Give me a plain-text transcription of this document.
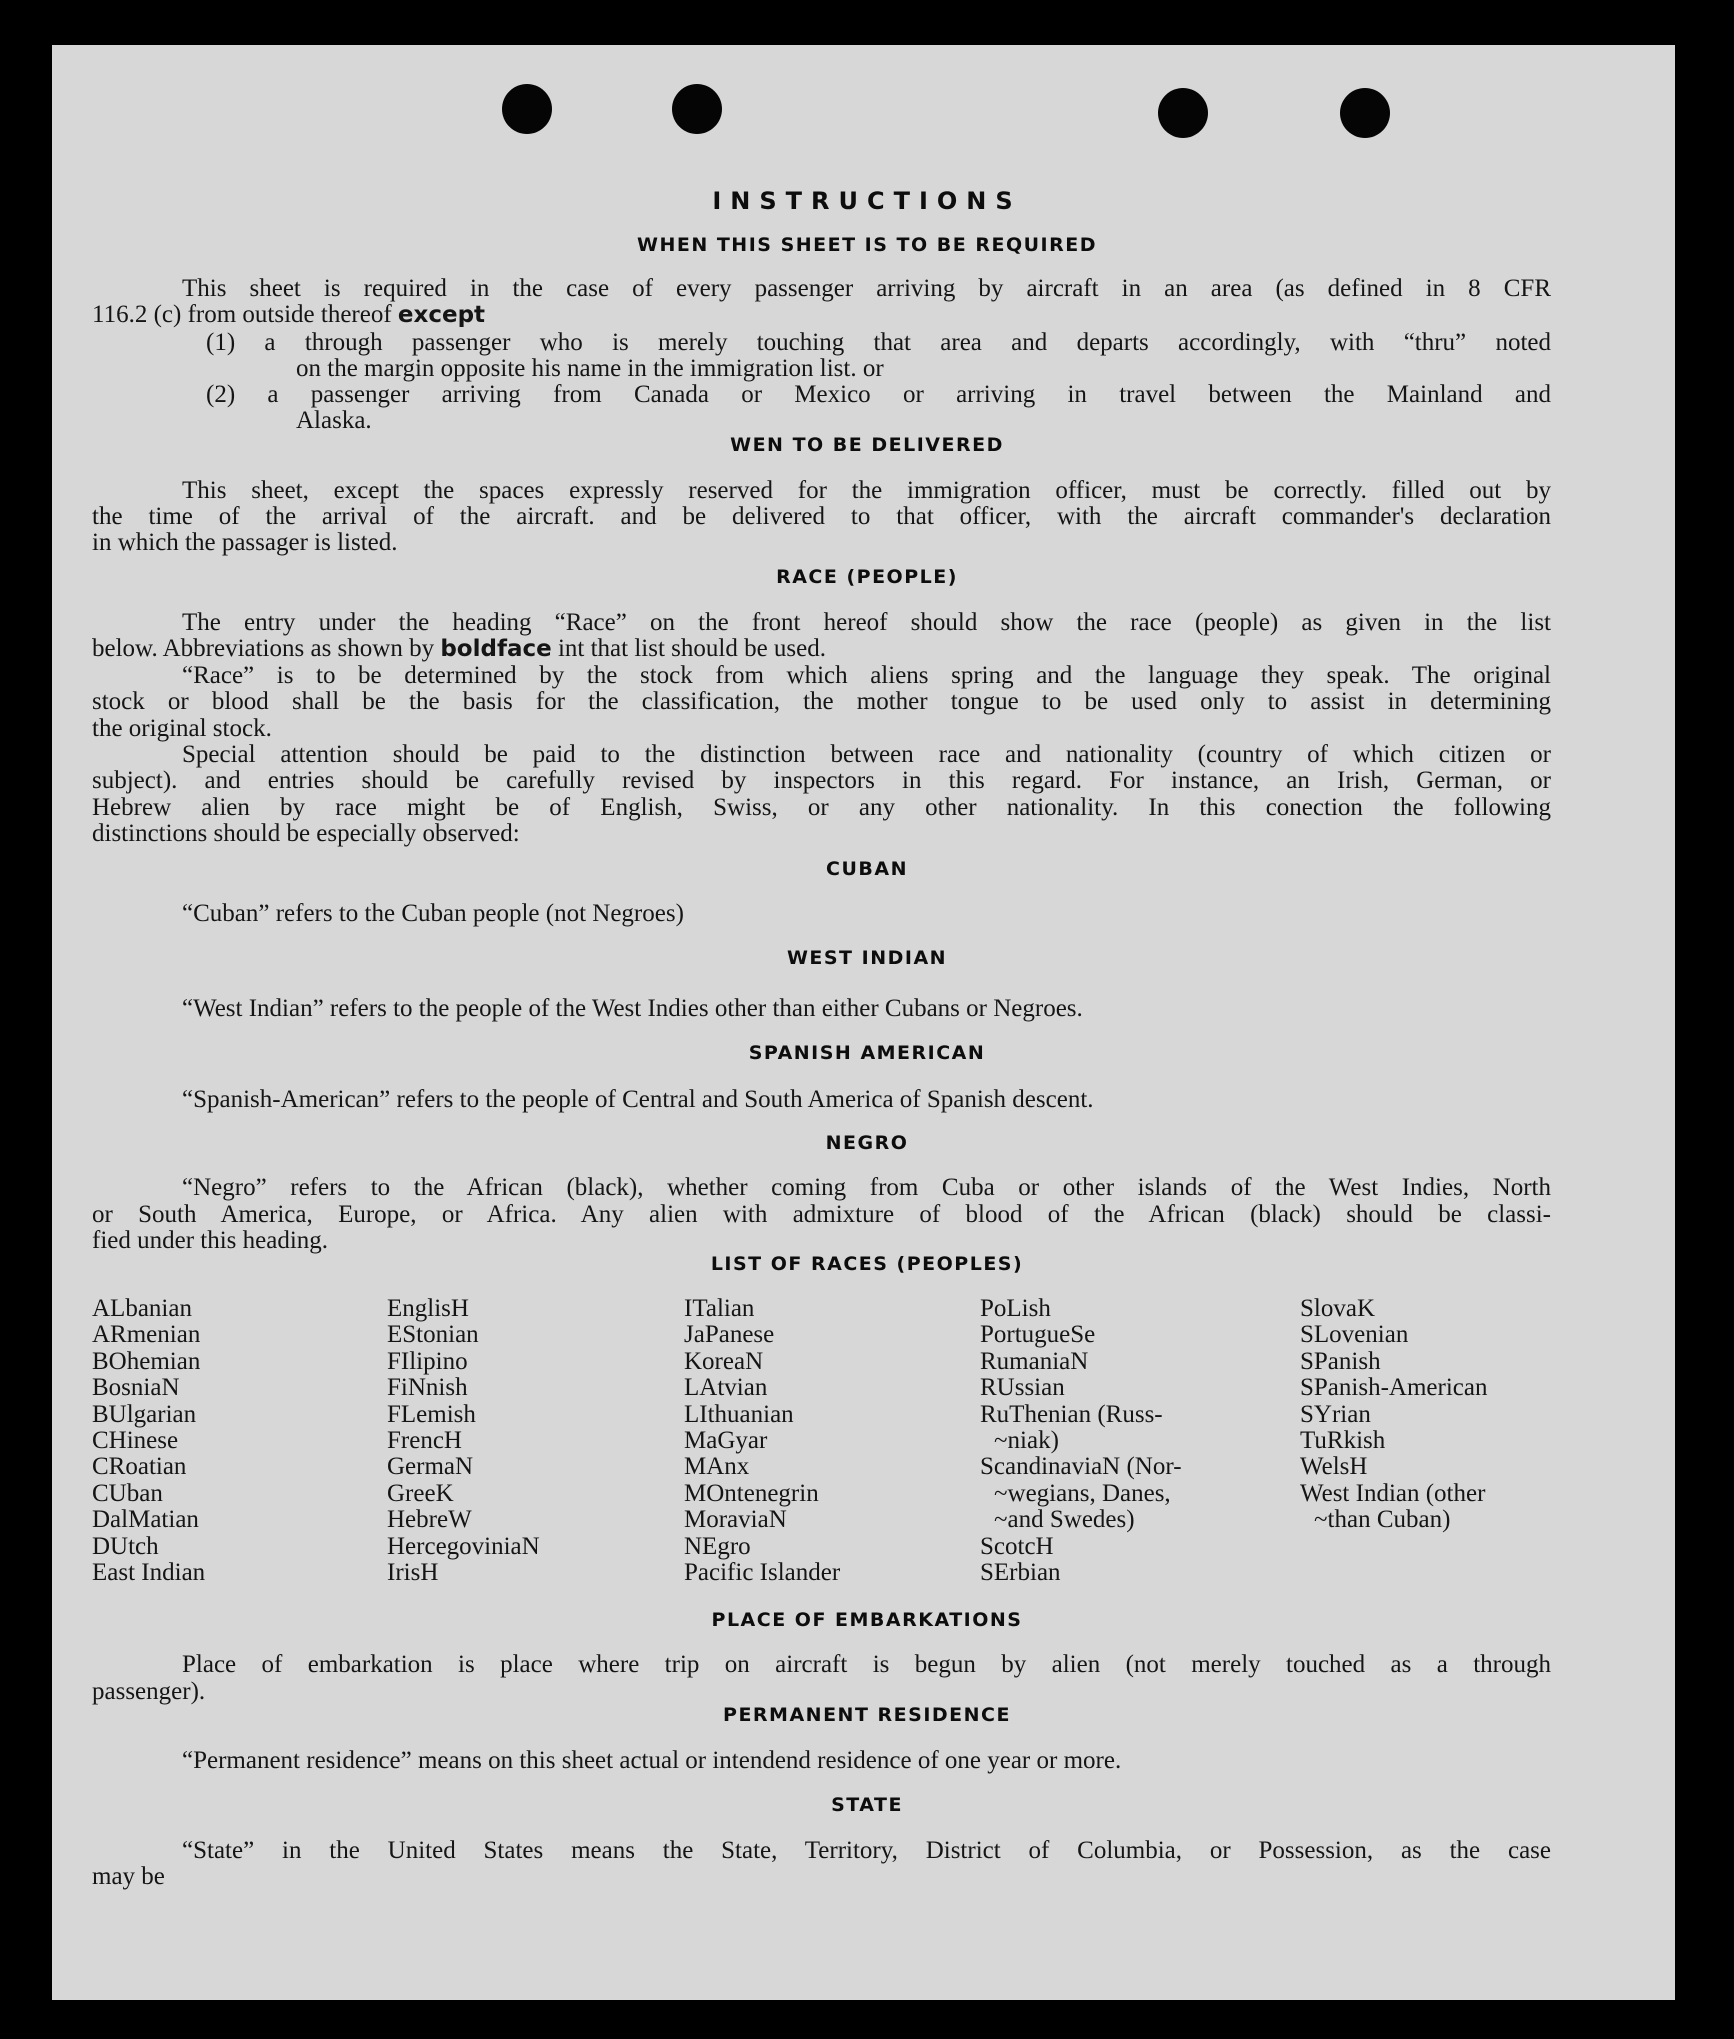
INSTRUCTIONS
WHEN THIS SHEET IS TO BE REQUIRED
This sheet is required in the case of every passenger arriving by aircraft in an area (as defined in 8 CFR
116.2 (c) from outside thereof except
(1) a through passenger who is merely touching that area and departs accordingly, with “thru” noted
on the margin opposite his name in the immigration list. or
(2) a passenger arriving from Canada or Mexico or arriving in travel between the Mainland and
Alaska.
WEN TO BE DELIVERED
This sheet, except the spaces expressly reserved for the immigration officer, must be correctly. filled out by
the time of the arrival of the aircraft. and be delivered to that officer, with the aircraft commander's declaration
in which the passager is listed.
RACE (PEOPLE)
The entry under the heading “Race” on the front hereof should show the race (people) as given in the list
below. Abbreviations as shown by boldface int that list should be used.
“Race” is to be determined by the stock from which aliens spring and the language they speak. The original
stock or blood shall be the basis for the classification, the mother tongue to be used only to assist in determining
the original stock.
Special attention should be paid to the distinction between race and nationality (country of which citizen or
subject). and entries should be carefully revised by inspectors in this regard. For instance, an Irish, German, or
Hebrew alien by race might be of English, Swiss, or any other nationality. In this conection the following
distinctions should be especially observed:
CUBAN
“Cuban” refers to the Cuban people (not Negroes)
WEST INDIAN
“West Indian” refers to the people of the West Indies other than either Cubans or Negroes.
SPANISH AMERICAN
“Spanish-American” refers to the people of Central and South America of Spanish descent.
NEGRO
“Negro” refers to the African (black), whether coming from Cuba or other islands of the West Indies, North
or South America, Europe, or Africa. Any alien with admixture of blood of the African (black) should be classi-
fied under this heading.
LIST OF RACES (PEOPLES)
ALbanian
ARmenian
BOhemian
BosniaN
BUlgarian
CHinese
CRoatian
CUban
DalMatian
DUtch
East Indian
EnglisH
EStonian
FIlipino
FiNnish
FLemish
FrencH
GermaN
GreeK
HebreW
HercegoviniaN
IrisH
ITalian
JaPanese
KoreaN
LAtvian
LIthuanian
MaGyar
MAnx
MOntenegrin
MoraviaN
NEgro
Pacific Islander
PoLish
PortugueSe
RumaniaN
RUssian
RuThenian (Russ-
~niak)
ScandinaviaN (Nor-
~wegians, Danes,
~and Swedes)
ScotcH
SErbian
SlovaK
SLovenian
SPanish
SPanish-American
SYrian
TuRkish
WelsH
West Indian (other
~than Cuban)
PLACE OF EMBARKATIONS
Place of embarkation is place where trip on aircraft is begun by alien (not merely touched as a through
passenger).
PERMANENT RESIDENCE
“Permanent residence” means on this sheet actual or intendend residence of one year or more.
STATE
“State” in the United States means the State, Territory, District of Columbia, or Possession, as the case
may be
